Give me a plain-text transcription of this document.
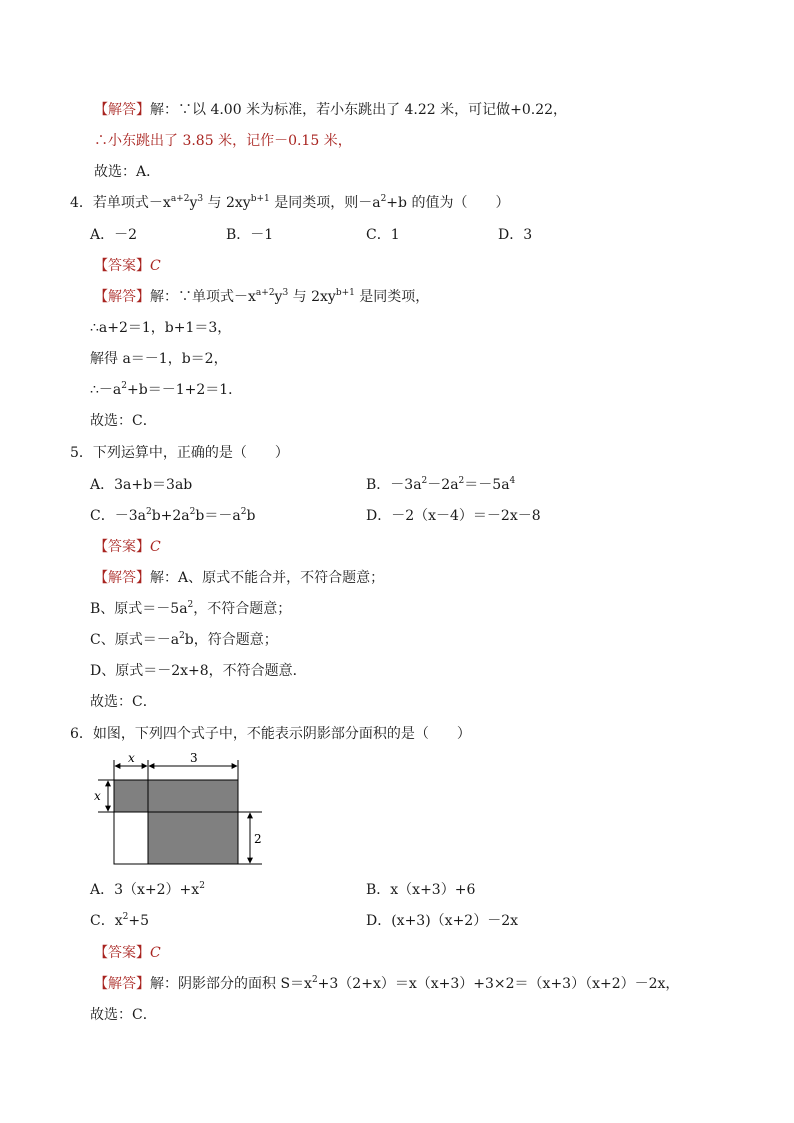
【解答】解：∵以 4.00 米为标准，若小东跳出了 4.22 米，可记做+0.22，
∴小东跳出了 3.85 米，记作－0.15 米，
故选：A．
4．若单项式$-x^{a+2}y^3$ 与 $2xy^{b+1}$ 是同类项，则$-a^2+b$ 的值为（　　）
A．－2	B．－1	C．1	D．3
【答案】C
【解答】解：∵单项式$-x^{a+2}y^3$ 与 $2xy^{b+1}$ 是同类项，
∴a+2＝1，b+1＝3，
解得 a＝－1，b＝2，
$\therefore-a^2+b=-1+2=1$．
故选：C．
5．下列运算中，正确的是（　　）
A．3a+b＝3ab	B．$-3a^2-2a^2=-5a^4$
C．$-3a^2b+2a^2b=-a^2b$	D．－2（x－4）＝－2x－8
【答案】C
【解答】解：A、原式不能合并，不符合题意；
B、原式$=-5a^2$，不符合题意；
C、原式$=-a^2b$，符合题意；
D、原式＝－2x+8，不符合题意．
故选：C．
6．如图，下列四个式子中，不能表示阴影部分面积的是（　　）
x	3
x
2
A．$3(x+2)+x^2$	B．x（x+3）+6
C．$x^2+5$	D．(x+3)（x+2）－2x
【答案】C
【解答】解：阴影部分的面积 $S=x^2+3(2+x)=x(x+3)+3\times 2=(x+3)(x+2)-2x$，
故选：C．
